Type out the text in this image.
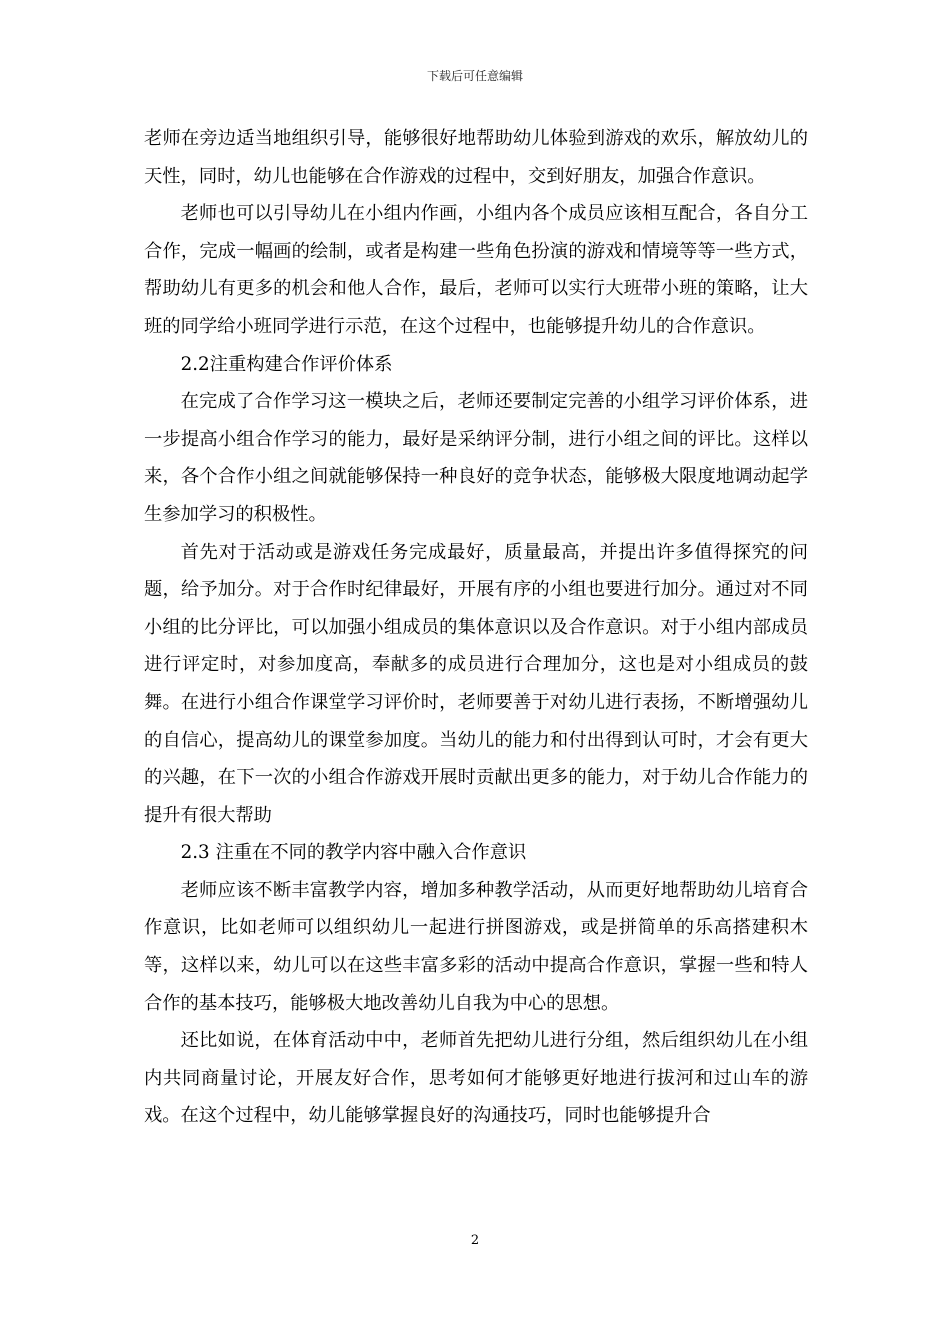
下载后可任意编辑

老师在旁边适当地组织引导，能够很好地帮助幼儿体验到游戏的欢乐，解放幼儿的天性，同时，幼儿也能够在合作游戏的过程中，交到好朋友，加强合作意识。

老师也可以引导幼儿在小组内作画，小组内各个成员应该相互配合，各自分工合作，完成一幅画的绘制，或者是构建一些角色扮演的游戏和情境等等一些方式，帮助幼儿有更多的机会和他人合作，最后，老师可以实行大班带小班的策略，让大班的同学给小班同学进行示范，在这个过程中，也能够提升幼儿的合作意识。

2.2注重构建合作评价体系

在完成了合作学习这一模块之后，老师还要制定完善的小组学习评价体系，进一步提高小组合作学习的能力，最好是采纳评分制，进行小组之间的评比。这样以来，各个合作小组之间就能够保持一种良好的竞争状态，能够极大限度地调动起学生参加学习的积极性。

首先对于活动或是游戏任务完成最好，质量最高，并提出许多值得探究的问题，给予加分。对于合作时纪律最好，开展有序的小组也要进行加分。通过对不同小组的比分评比，可以加强小组成员的集体意识以及合作意识。对于小组内部成员进行评定时，对参加度高，奉献多的成员进行合理加分，这也是对小组成员的鼓舞。在进行小组合作课堂学习评价时，老师要善于对幼儿进行表扬，不断增强幼儿的自信心，提高幼儿的课堂参加度。当幼儿的能力和付出得到认可时，才会有更大的兴趣，在下一次的小组合作游戏开展时贡献出更多的能力，对于幼儿合作能力的提升有很大帮助

2.3 注重在不同的教学内容中融入合作意识

老师应该不断丰富教学内容，增加多种教学活动，从而更好地帮助幼儿培育合作意识，比如老师可以组织幼儿一起进行拼图游戏，或是拼简单的乐高搭建积木等，这样以来，幼儿可以在这些丰富多彩的活动中提高合作意识，掌握一些和特人合作的基本技巧，能够极大地改善幼儿自我为中心的思想。

还比如说，在体育活动中中，老师首先把幼儿进行分组，然后组织幼儿在小组内共同商量讨论，开展友好合作，思考如何才能够更好地进行拔河和过山车的游戏。在这个过程中，幼儿能够掌握良好的沟通技巧，同时也能够提升合

2
